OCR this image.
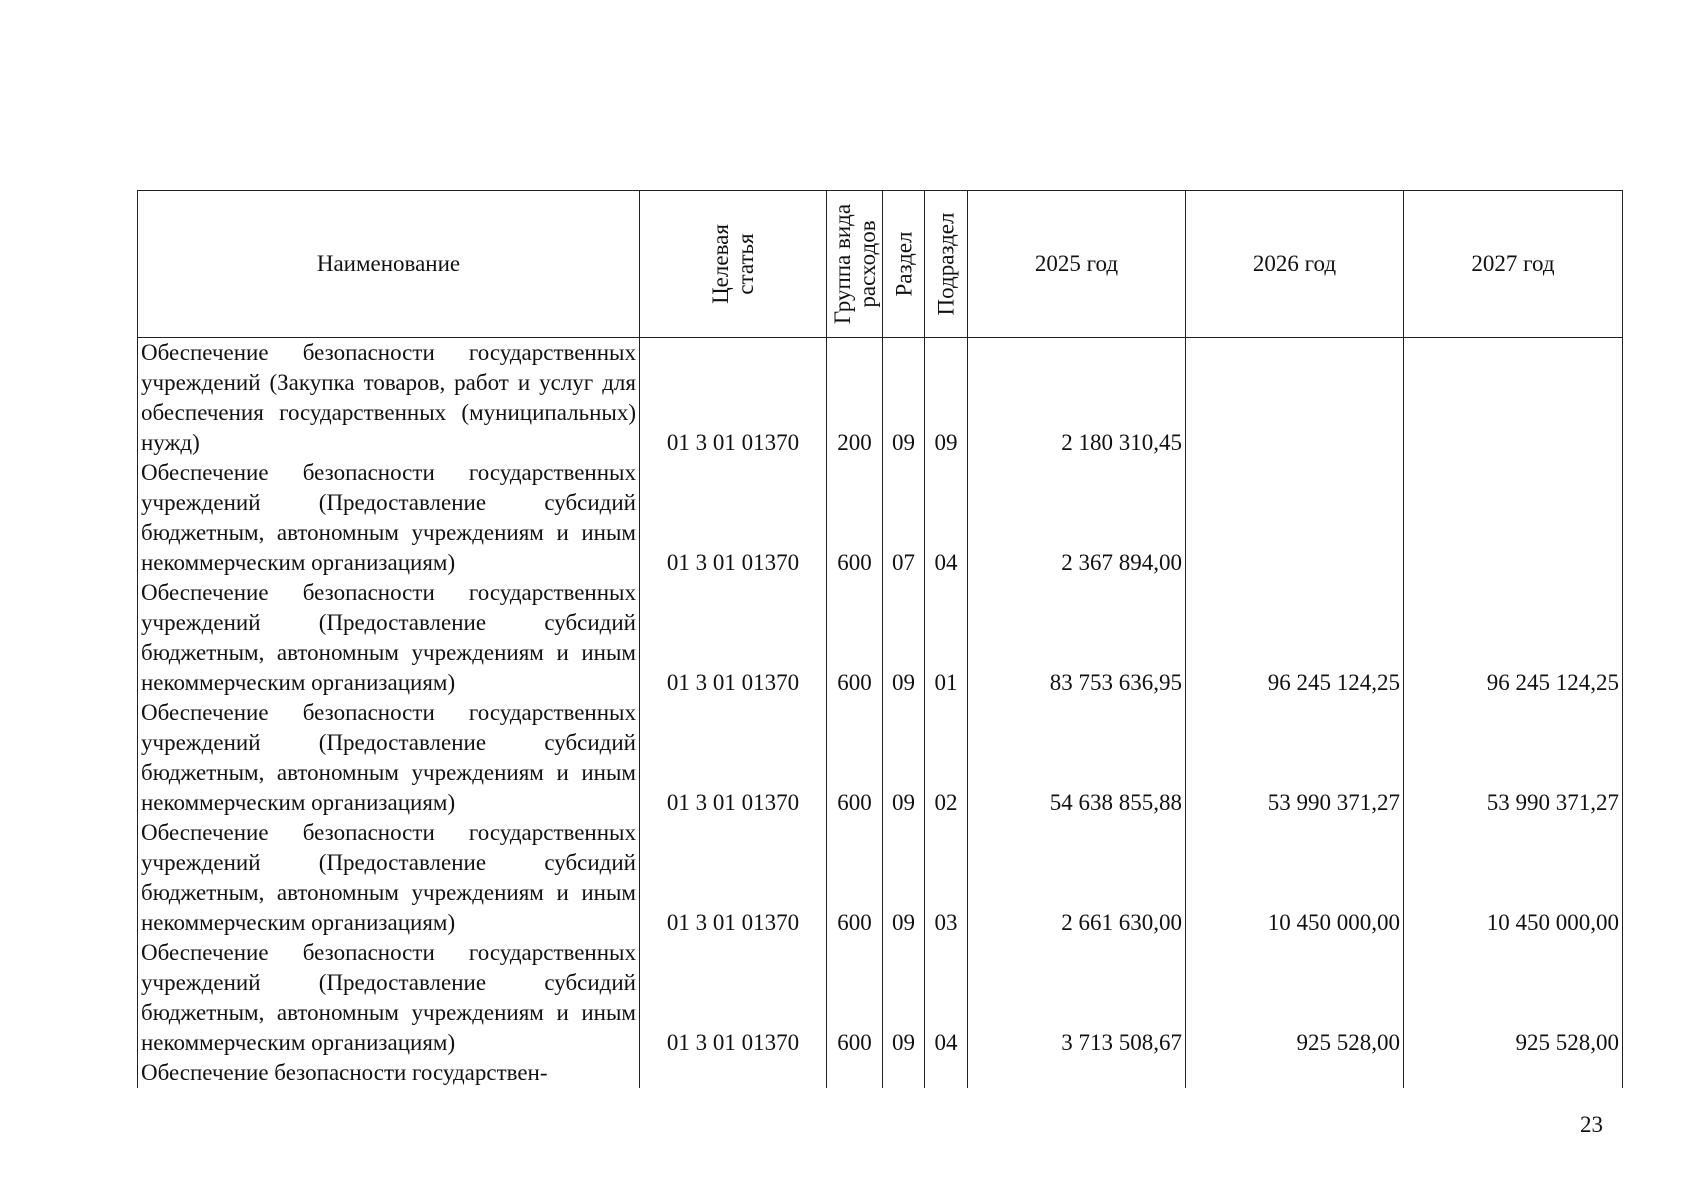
Наименование	Целевая статья	Группа вида расходов	Раздел	Подраздел	2025 год	2026 год	2027 год
Обеспечение безопасности государственных учреждений (Закупка товаров, работ и услуг для обеспечения государственных (муниципальных) нужд)	01 3 01 01370	200	09	09	2 180 310,45		
Обеспечение безопасности государственных учреждений (Предоставление субсидий бюджетным, автономным учреждениям и иным некоммерческим организациям)	01 3 01 01370	600	07	04	2 367 894,00		
Обеспечение безопасности государственных учреждений (Предоставление субсидий бюджетным, автономным учреждениям и иным некоммерческим организациям)	01 3 01 01370	600	09	01	83 753 636,95	96 245 124,25	96 245 124,25
Обеспечение безопасности государственных учреждений (Предоставление субсидий бюджетным, автономным учреждениям и иным некоммерческим организациям)	01 3 01 01370	600	09	02	54 638 855,88	53 990 371,27	53 990 371,27
Обеспечение безопасности государственных учреждений (Предоставление субсидий бюджетным, автономным учреждениям и иным некоммерческим организациям)	01 3 01 01370	600	09	03	2 661 630,00	10 450 000,00	10 450 000,00
Обеспечение безопасности государственных учреждений (Предоставление субсидий бюджетным, автономным учреждениям и иным некоммерческим организациям)	01 3 01 01370	600	09	04	3 713 508,67	925 528,00	925 528,00
Обеспечение безопасности государствен-							
23
